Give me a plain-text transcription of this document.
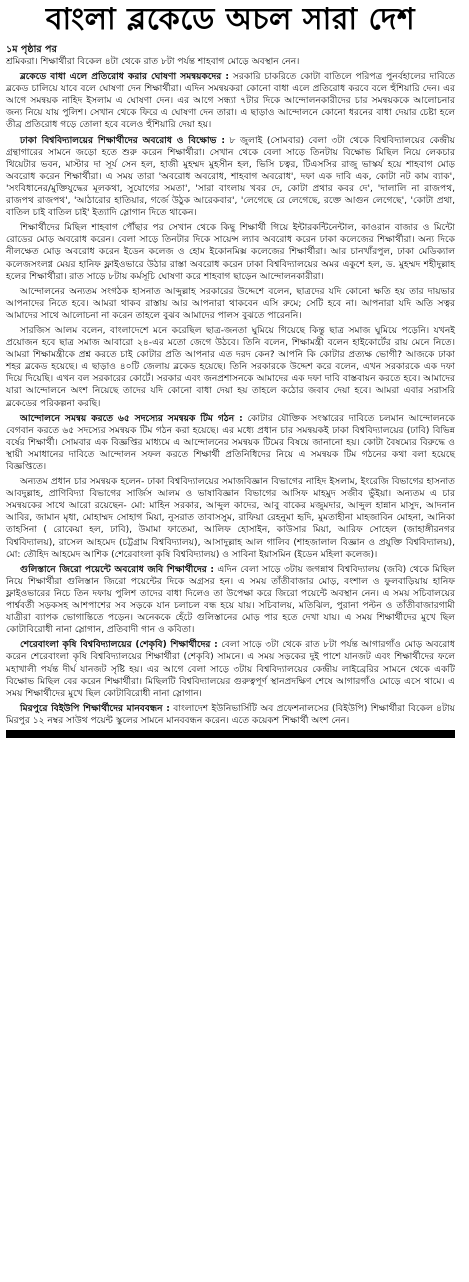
বাংলা ব্লকেডে অচল সারা দেশ
১ম পৃষ্ঠার পর

শ্রমিকরা। শিক্ষার্থীরা বিকেল ৪টা থেকে রাত ৮টা পর্যন্ত শাহবাগ মোড়ে অবস্থান নেন।

ব্লকেডে বাধা এলে প্রতিরোধ করার ঘোষণা সমন্বয়কদের : সরকারি চাকরিতে কোটা বাতিলে পরিপত্র পুনর্বহালের দাবিতে ব্লকেড চালিয়ে যাবে বলে ঘোষণা দেন শিক্ষার্থীরা। এদিন সমন্বয়করা কোনো বাধা এলে প্রতিরোধ করবে বলে হুঁশিয়ারি দেন। এর আগে সমন্বয়ক নাহিদ ইসলাম এ ঘোষণা দেন। এর আগে সন্ধ্যা ৭টার দিকে আন্দোলনকারীদের চার সমন্বয়ককে আলোচনার জন্য নিয়ে যায় পুলিশ। সেখান থেকে ফিরে এ ঘোষণা দেন তারা। এ ছাড়াও আন্দোলনে কোনো ধরনের বাধা দেয়ার চেষ্টা হলে তীব্র প্রতিরোধ গড়ে তোলা হবে বলেও হুঁশিয়ারি দেয়া হয়।

ঢাকা বিশ্ববিদ্যালয়ের শিক্ষার্থীদের অবরোধ ও বিক্ষোভ : ৮ জুলাই (সোমবার) বেলা ৩টা থেকে বিশ্ববিদ্যালয়ের কেন্দ্রীয় গ্রন্থাগারের সামনে জড়ো হতে শুরু করেন শিক্ষার্থীরা। সেখান থেকে বেলা সাড়ে তিনটায় বিক্ষোভ মিছিল নিয়ে লেকচার থিয়েটার ভবন, মাস্টার দা সূর্য সেন হল, হাজী মুহম্মদ মুহসীন হল, ভিসি চত্বর, টিএসসির রাজু ভাস্কর্য হয়ে শাহবাগ মোড় অবরোধ করেন শিক্ষার্থীরা। এ সময় তারা 'অবরোধ অবরোধ, শাহবাগ অবরোধ', দফা এক দাবি এক, কোটা নট কাম ব্যাক', 'সংবিধানের/মুক্তিযুদ্ধের মূলকথা, সুযোগের সমতা', 'সারা বাংলায় খবর দে, কোটা প্রথার কবর দে', 'দালালি না রাজপথ, রাজপথ রাজপথ', 'আঠারোর হাতিয়ার, গর্জে উঠুক আরেকবার', 'লেগেছে রে লেগেছে, রক্তে আগুন লেগেছে', 'কোটা প্রথা, বাতিল চাই বাতিল চাই' ইত্যাদি স্লোগান দিতে থাকেন।

শিক্ষার্থীদের মিছিল শাহবাগ পৌঁছার পর সেখান থেকে কিছু শিক্ষার্থী গিয়ে ইন্টারকন্টিনেন্টাল, কাওরান বাজার ও মিন্টো রোডের মোড় অবরোধ করেন। বেলা সাড়ে তিনটার দিকে সায়েন্স ল্যাব অবরোধ করেন ঢাকা কলেজের শিক্ষার্থীরা। অন্য দিকে নীলক্ষেত মোড় অবরোধ করেন ইডেন কলেজ ও হোম ইকোনমিক্স কলেজের শিক্ষার্থীরা। আর চানখাঁরপুল, ঢাকা মেডিক্যাল কলেজসংলগ্ন মেয়র হানিফ ফ্লাইওভারে উঠার রাস্তা অবরোধ করেন ঢাকা বিশ্ববিদ্যালয়ের অমর একুশে হল, ড. মুহম্মদ শহীদুল্লাহ হলের শিক্ষার্থীরা। রাত সাড়ে ৮টায় কর্মসূচি ঘোষণা করে শাহবাগ ছাড়েন আন্দোলনকারীরা।

আন্দোলনের অন্যতম সংগঠক হাসনাত আব্দুল্লাহ সরকারের উদ্দেশে বলেন, ছাত্রদের যদি কোনো ক্ষতি হয় তার দায়ভার আপনাদের নিতে হবে। আমরা থাকব রাস্তায় আর আপনারা থাকবেন এসি রুমে; সেটি হবে না। আপনারা যদি অতি সত্বর আমাদের সাথে আলোচনা না করেন তাহলে বুঝব আমাদের পালস বুঝতে পারেননি।

সারজিস আলম বলেন, বাংলাদেশে মনে করেছিল ছাত্র-জনতা ঘুমিয়ে গিয়েছে কিন্তু ছাত্র সমাজ ঘুমিয়ে পড়েনি। যখনই প্রয়োজন হবে ছাত্র সমাজ আবারো ২৪-এর মতো জেগে উঠবে। তিনি বলেন, শিক্ষামন্ত্রী বলেন হাইকোর্টের রায় মেনে নিতে। আমরা শিক্ষামন্ত্রীকে প্রশ্ন করতে চাই কোটার প্রতি আপনার এত দরদ কেন? আপনি কি কোটার প্রত্যক্ষ ভোগী? আজকে ঢাকা শহর ব্লকেড হয়েছে। এ ছাড়াও ৪০টি জেলায় ব্লকেড হয়েছে। তিনি সরকারকে উদ্দেশ করে বলেন, এখন সরকারকে এক দফা দিয়ে দিয়েছি। এখন বল সরকারের কোর্টে। সরকার এবং জনপ্রশাসনকে আমাদের এক দফা দাবি বাস্তবায়ন করতে হবে। আমাদের যারা আন্দোলনে অংশ নিয়েছে তাদের যদি কোনো বাধা দেয়া হয় তাহলে কঠোর জবাব দেয়া হবে। আমরা এবার সরাসরি ব্লকেডের পরিকল্পনা করছি।

আন্দোলনে সমন্বয় করতে ৬৫ সদস্যের সমন্বয়ক টিম গঠন : কোটার যৌক্তিক সংস্কারের দাবিতে চলমান আন্দোলনকে বেগবান করতে ৬৫ সদস্যের সমন্বয়ক টিম গঠন করা হয়েছে। এর মধ্যে প্রধান চার সমন্বয়কই ঢাকা বিশ্ববিদ্যালয়ের (ঢাবি) বিভিন্ন বর্ষের শিক্ষার্থী। সোমবার এক বিজ্ঞপ্তির মাধ্যমে এ আন্দোলনের সমন্বয়ক টিমের বিষয়ে জানানো হয়। কোটা বৈষম্যের বিরুদ্ধে ও স্থায়ী সমাধানের দাবিতে আন্দোলন সফল করতে শিক্ষার্থী প্রতিনিধিদের নিয়ে এ সমন্বয়ক টিম গঠনের কথা বলা হয়েছে বিজ্ঞপ্তিতে।

অন্যতম প্রধান চার সমন্বয়ক হলেন- ঢাকা বিশ্ববিদ্যালয়ের সমাজবিজ্ঞান বিভাগের নাহিদ ইসলাম, ইংরেজি বিভাগের হাসনাত আবদুল্লাহ, প্রাণিবিদ্যা বিভাগের সার্জিস আলম ও ভাষাবিজ্ঞান বিভাগের আসিফ মাহমুদ সজীব ভুঁইয়া। অন্যতম এ চার সমন্বয়কের সাথে আরো রয়েছেন- মো: মাহিন সরকার, আব্দুল কাদের, আবু বাকের মজুমদার, আব্দুল হান্নান মাসুদ, আদনান আবির, জামান মৃধা, মোহাম্মদ সোহাগ মিয়া, নুসরাত তাবাসসুম, রাফিয়া রেহনুমা হৃদি, মুমতাহীনা মাহজাবিন মোহনা, আনিকা তাহসিনা ( রোকেয়া হল, ঢাবি), উমামা ফাতেমা, আলিফ হোসাইন, কাউসার মিয়া, আরিফ সোহেল (জাহাঙ্গীরনগর বিশ্ববিদ্যালয়), রাসেল আহমেদ (চট্টগ্রাম বিশ্ববিদ্যালয়), আসাদুল্লাহ আল গালিব (শাহজালাল বিজ্ঞান ও প্রযুক্তি বিশ্ববিদ্যালয়), মো: তৌহিদ আহমেদ আশিক (শেরেবাংলা কৃষি বিশ্ববিদ্যালয়) ও সাবিনা ইয়াসমিন (ইডেন মহিলা কলেজ)।

গুলিস্তানে জিরো পয়েন্টে অবরোধ জবি শিক্ষার্থীদের : এদিন বেলা সাড়ে ৩টায় জগন্নাথ বিশ্ববিদ্যালয় (জবি) থেকে মিছিল নিয়ে শিক্ষার্থীরা গুলিস্তান জিরো পয়েন্টের দিকে অগ্রসর হন। এ সময় তাঁতীবাজার মোড়, বংশাল ও ফুলবাড়িয়ায় হানিফ ফ্লাইওভারের নিচে তিন দফায় পুলিশ তাদের বাধা দিলেও তা উপেক্ষা করে জিরো পয়েন্টে অবস্থান নেন। এ সময় সচিবালয়ের পার্শ্ববর্তী সড়কসহ আশপাশের সব সড়কে যান চলাচল বন্ধ হয়ে যায়। সচিবালয়, মতিঝিল, পুরানা পল্টন ও তাঁতীবাজারগামী যাত্রীরা ব্যাপক ভোগান্তিতে পড়েন। অনেককে হেঁটে গুলিস্তানের মোড় পার হতে দেখা যায়। এ সময় শিক্ষার্থীদের মুখে ছিল কোটাবিরোধী নানা স্লোগান, প্রতিবাদী গান ও কবিতা।

শেরেবাংলা কৃষি বিশ্ববিদ্যালয়ের (শেকৃবি) শিক্ষার্থীদের : বেলা সাড়ে ৩টা থেকে রাত ৮টা পর্যন্ত আগারগাঁও মোড় অবরোধ করেন শেরেবাংলা কৃষি বিশ্ববিদ্যালয়ের শিক্ষার্থীরা (শেকৃবি) সামনে। এ সময় সড়কের দুই পাশে যানজট এবং শিক্ষার্থীদের ফলে মহাখালী পর্যন্ত দীর্ঘ যানজট সৃষ্টি হয়। এর আগে বেলা সাড়ে ৩টায় বিশ্ববিদ্যালয়ের কেন্দ্রীয় লাইব্রেরির সামনে থেকে একটি বিক্ষোভ মিছিল বের করেন শিক্ষার্থীরা। মিছিলটি বিশ্ববিদ্যালয়ের গুরুত্বপূর্ণ স্থানপ্রদক্ষিণ শেষে আগারগাঁও মোড়ে এসে থামে। এ সময় শিক্ষার্থীদের মুখে ছিল কোটাবিরোধী নানা স্লোগান।

মিরপুরে বিইউপি শিক্ষার্থীদের মানববন্ধন : বাংলাদেশ ইউনিভার্সিটি অব প্রফেশনালসের (বিইউপি) শিক্ষার্থীরা বিকেল ৪টায় মিরপুর ১২ নম্বর সাউথ পয়েন্ট স্কুলের সামনে মানববন্ধন করেন। এতে কয়েকশ শিক্ষার্থী অংশ নেন।
